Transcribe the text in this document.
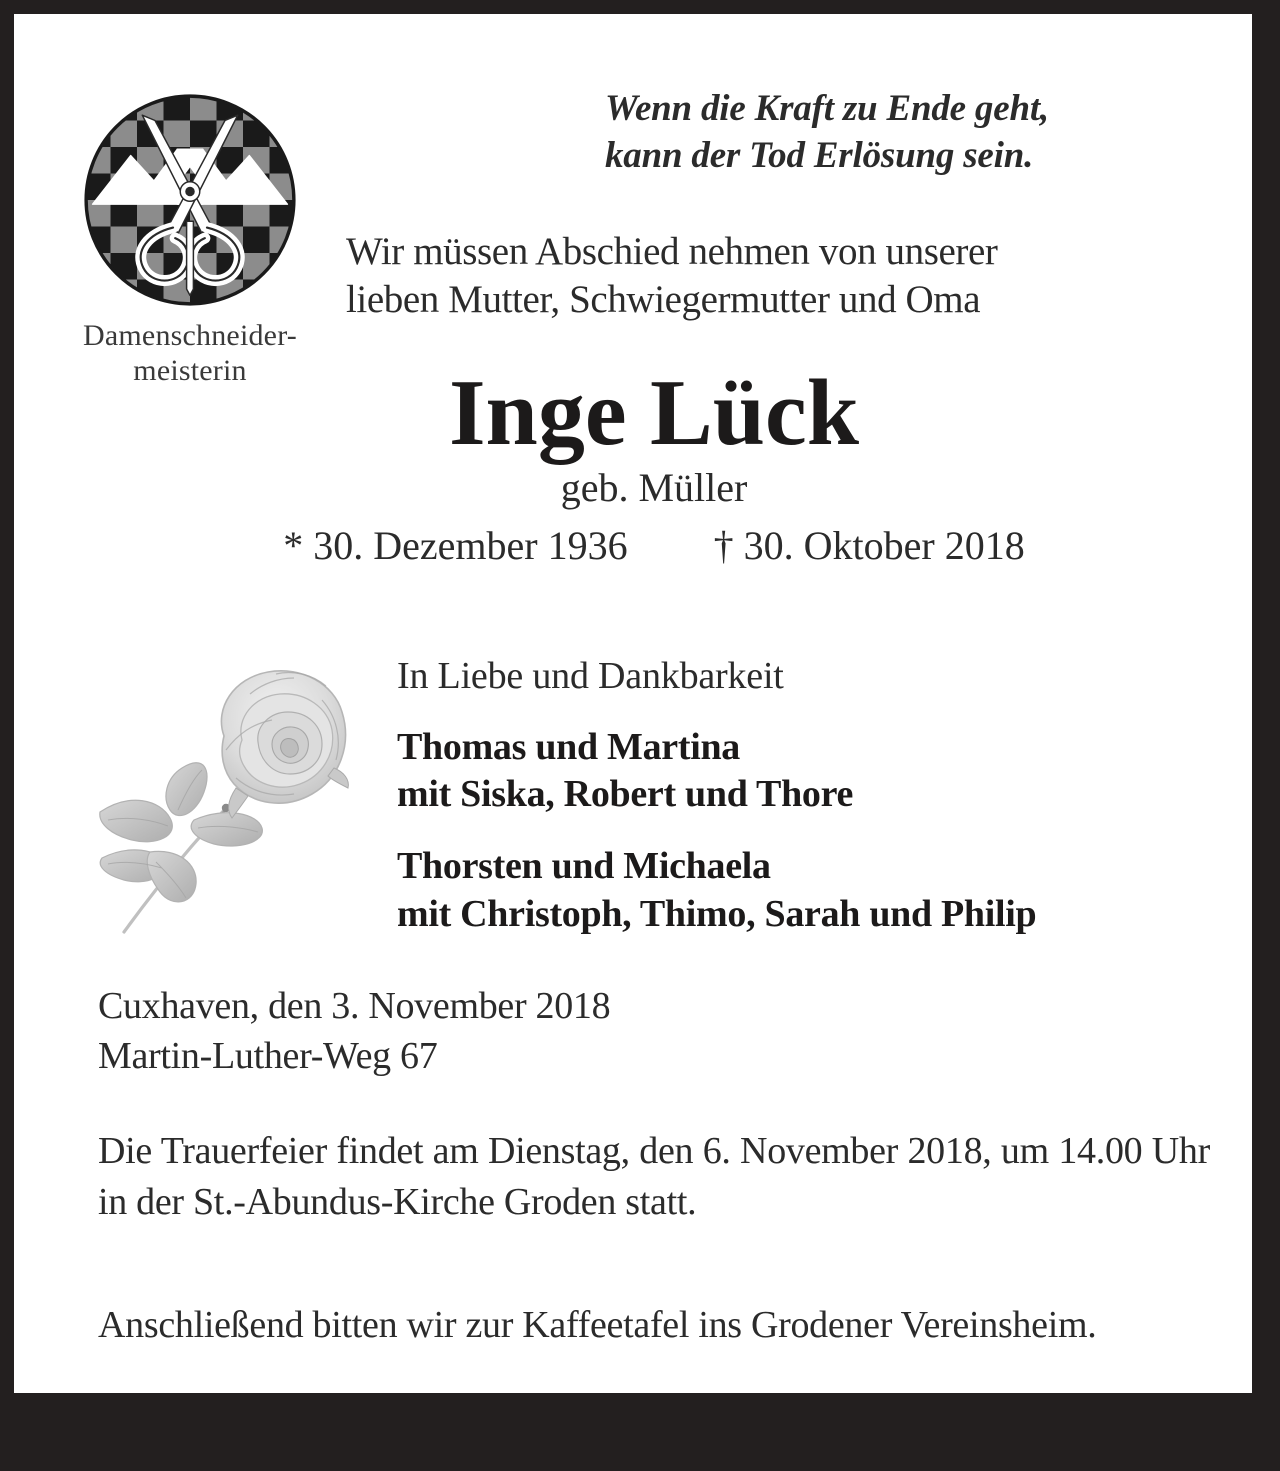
Damenschneider-
meisterin
Wenn die Kraft zu Ende geht,
kann der Tod Erlösung sein.
Wir müssen Abschied nehmen von unserer
lieben Mutter, Schwiegermutter und Oma
Inge Lück
geb. Müller
* 30. Dezember 1936 † 30. Oktober 2018
In Liebe und Dankbarkeit
Thomas und Martina
mit Siska, Robert und Thore
Thorsten und Michaela
mit Christoph, Thimo, Sarah und Philip
Cuxhaven, den 3. November 2018
Martin-Luther-Weg 67
Die Trauerfeier findet am Dienstag, den 6. November 2018, um 14.00 Uhr in der St.-Abundus-Kirche Groden statt.
Anschließend bitten wir zur Kaffeetafel ins Grodener Vereinsheim.
